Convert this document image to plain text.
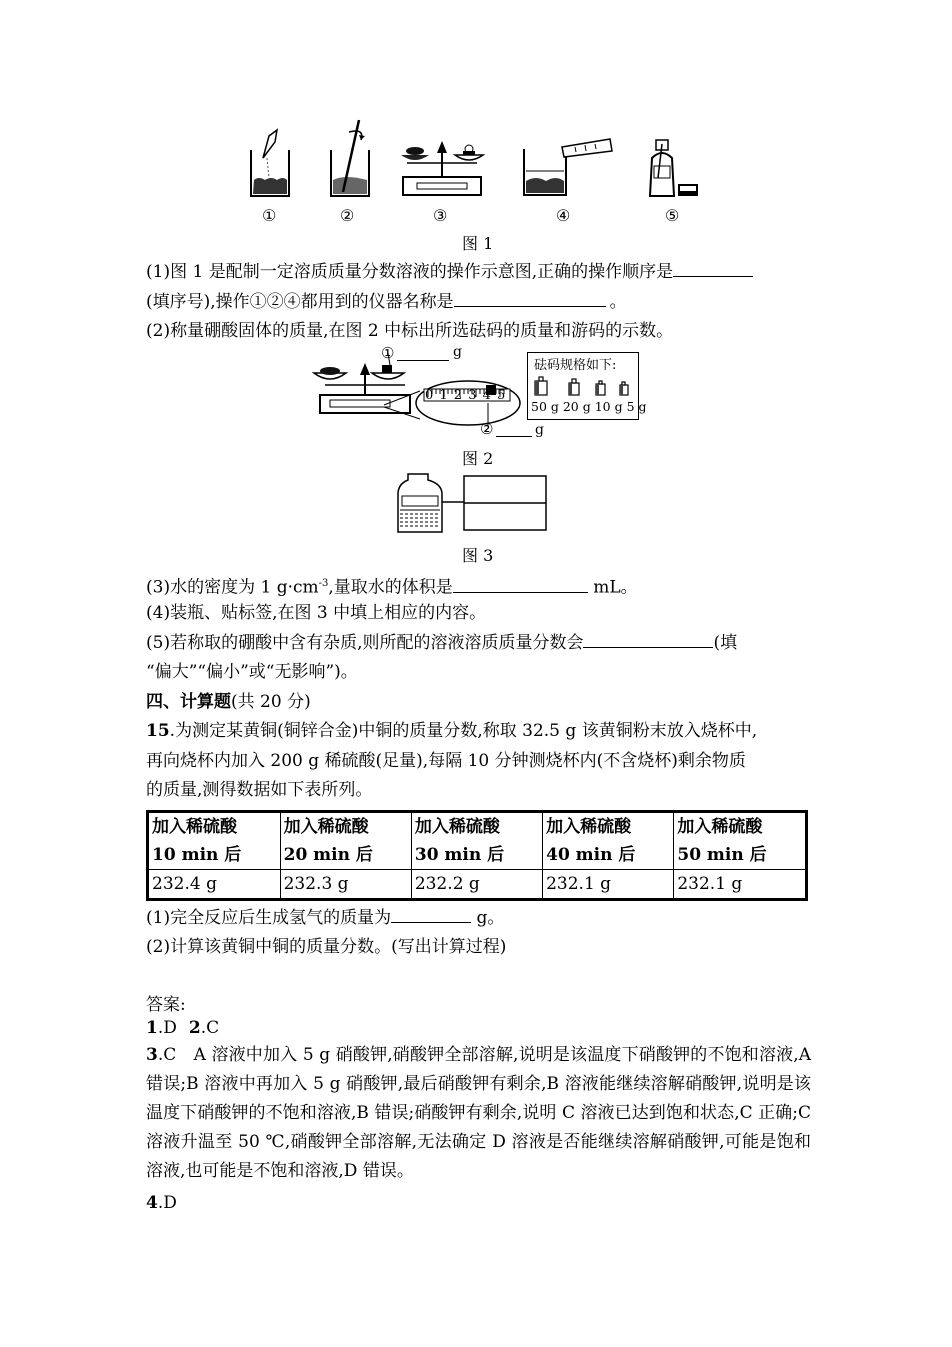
①	②	③	④	⑤
图 1
(1)图 1 是配制一定溶质质量分数溶液的操作示意图,正确的操作顺序是
(填序号),操作①②④都用到的仪器名称是	。
(2)称量硼酸固体的质量,在图 2 中标出所选砝码的质量和游码的示数。
0 1 2 3 4 5
①	g
②	g
砝码规格如下:
50 g 20 g 10 g 5 g
图 2
图 3
(3)水的密度为 1 $g\cdot cm^{-3}$,量取水的体积是	mL。
(4)装瓶、贴标签,在图 3 中填上相应的内容。
(5)若称取的硼酸中含有杂质,则所配的溶液溶质质量分数会	(填
“偏大”“偏小”或“无影响”)。
四、计算题(共 20 分)
15.为测定某黄铜(铜锌合金)中铜的质量分数,称取 32.5 g 该黄铜粉末放入烧杯中,
再向烧杯内加入 200 g 稀硫酸(足量),每隔 10 分钟测烧杯内(不含烧杯)剩余物质
的质量,测得数据如下表所列。
加入稀硫酸
10 min 后	加入稀硫酸
20 min 后	加入稀硫酸
30 min 后	加入稀硫酸
40 min 后	加入稀硫酸
50 min 后
232.4 g	232.3 g	232.2 g	232.1 g	232.1 g
(1)完全反应后生成氢气的质量为	g。
(2)计算该黄铜中铜的质量分数。(写出计算过程)
答案:
1.D 2.C
3.C　A 溶液中加入 5 g 硝酸钾,硝酸钾全部溶解,说明是该温度下硝酸钾的不饱和溶液,A 错误;B 溶液中再加入 5 g 硝酸钾,最后硝酸钾有剩余,B 溶液能继续溶解硝酸钾,说明是该温度下硝酸钾的不饱和溶液,B 错误;硝酸钾有剩余,说明 C 溶液已达到饱和状态,C 正确;C 溶液升温至 50 ℃,硝酸钾全部溶解,无法确定 D 溶液是否能继续溶解硝酸钾,可能是饱和溶液,也可能是不饱和溶液,D 错误。
4.D
